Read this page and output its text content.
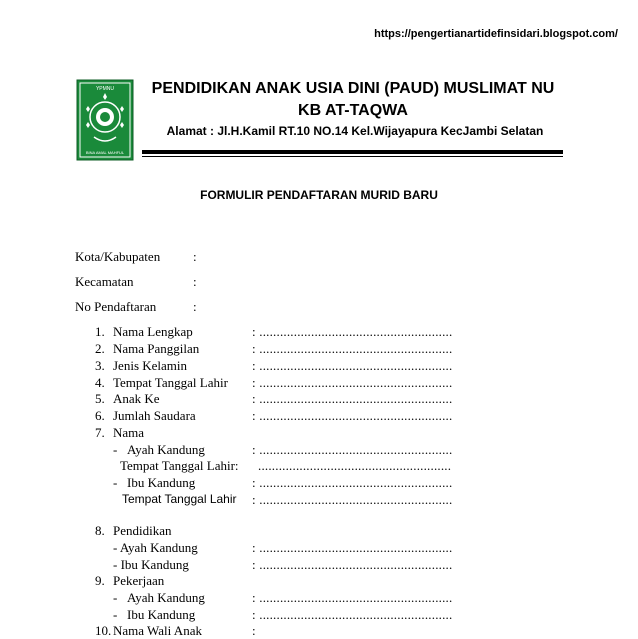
https://pengertianartidefinsidari.blogspot.com/
YPMNU
BINA AMAL MAHFUL
PENDIDIKAN ANAK USIA DINI (PAUD) MUSLIMAT NU
KB AT-TAQWA
Alamat : Jl.H.Kamil RT.10 NO.14 Kel.Wijayapura KecJambi Selatan
FORMULIR PENDAFTARAN MURID BARU
Kota/Kabupaten	:
Kecamatan	:
No Pendaftaran	:
1. Nama Lengkap	: ........................................................
2. Nama Panggilan	: ........................................................
3. Jenis Kelamin	: ........................................................
4. Tempat Tanggal Lahir : ........................................................
5. Anak Ke	: ........................................................
6. Jumlah Saudara	: ........................................................
7. Nama
- Ayah Kandung	: ........................................................
Tempat Tanggal Lahir: ........................................................
- Ibu Kandung	: ........................................................
Tempat Tanggal Lahir : ........................................................
8. Pendidikan
- Ayah Kandung	: ........................................................
- Ibu Kandung	: ........................................................
9. Pekerjaan
- Ayah Kandung	: ........................................................
- Ibu Kandung	: ........................................................
10. Nama Wali Anak	:
